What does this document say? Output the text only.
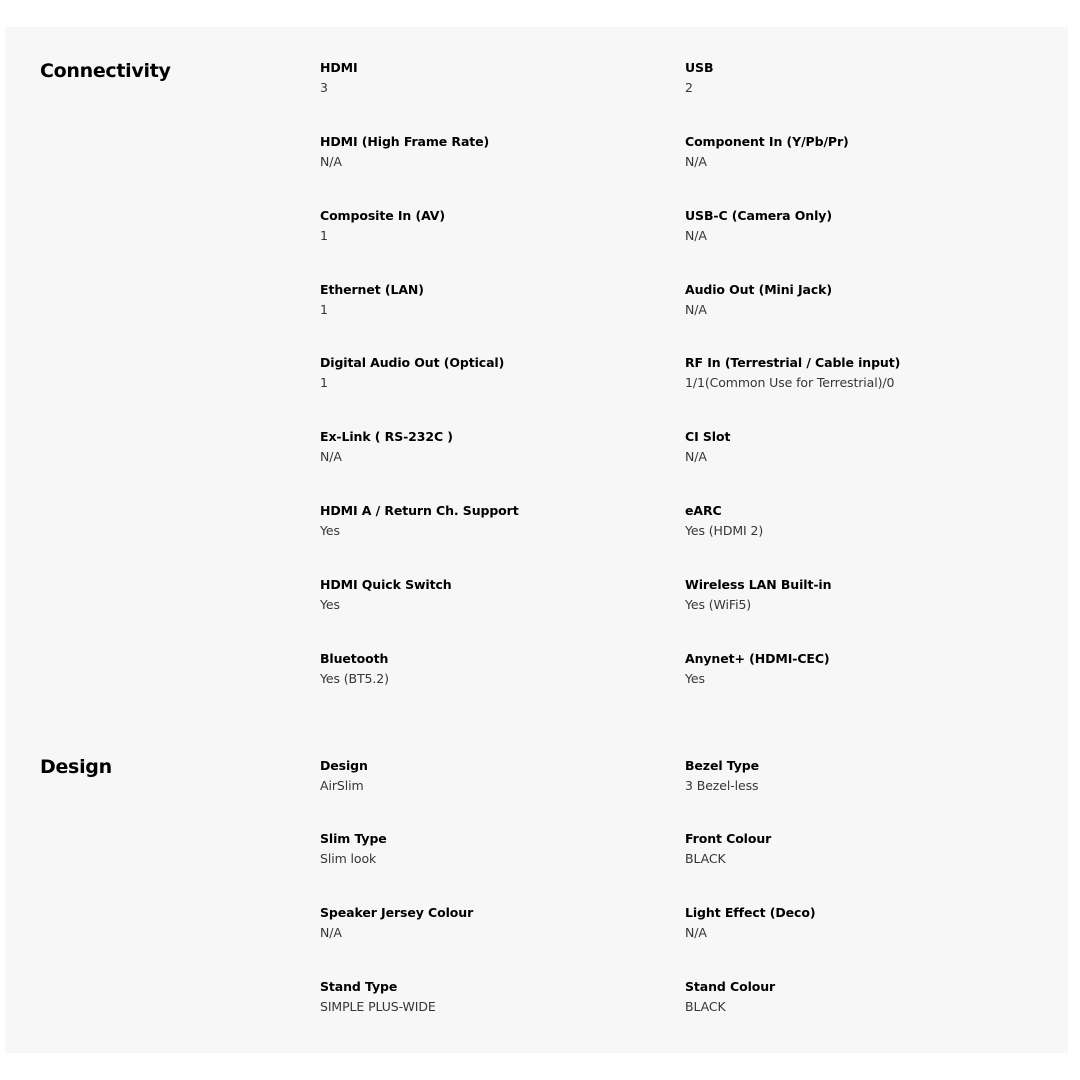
Connectivity	HDMI
3
USB
2
HDMI (High Frame Rate)
N/A
Component In (Y/Pb/Pr)
N/A
Composite In (AV)
1
USB-C (Camera Only)
N/A
Ethernet (LAN)
1
Audio Out (Mini Jack)
N/A
Digital Audio Out (Optical)
1
RF In (Terrestrial / Cable input)
1/1(Common Use for Terrestrial)/0
Ex-Link ( RS-232C )
N/A
CI Slot
N/A
HDMI A / Return Ch. Support
Yes
eARC
Yes (HDMI 2)
HDMI Quick Switch
Yes
Wireless LAN Built-in
Yes (WiFi5)
Bluetooth
Yes (BT5.2)
Anynet+ (HDMI-CEC)
Yes
Design	Design
AirSlim
Bezel Type
3 Bezel-less
Slim Type
Slim look
Front Colour
BLACK
Speaker Jersey Colour
N/A
Light Effect (Deco)
N/A
Stand Type
SIMPLE PLUS-WIDE
Stand Colour
BLACK
